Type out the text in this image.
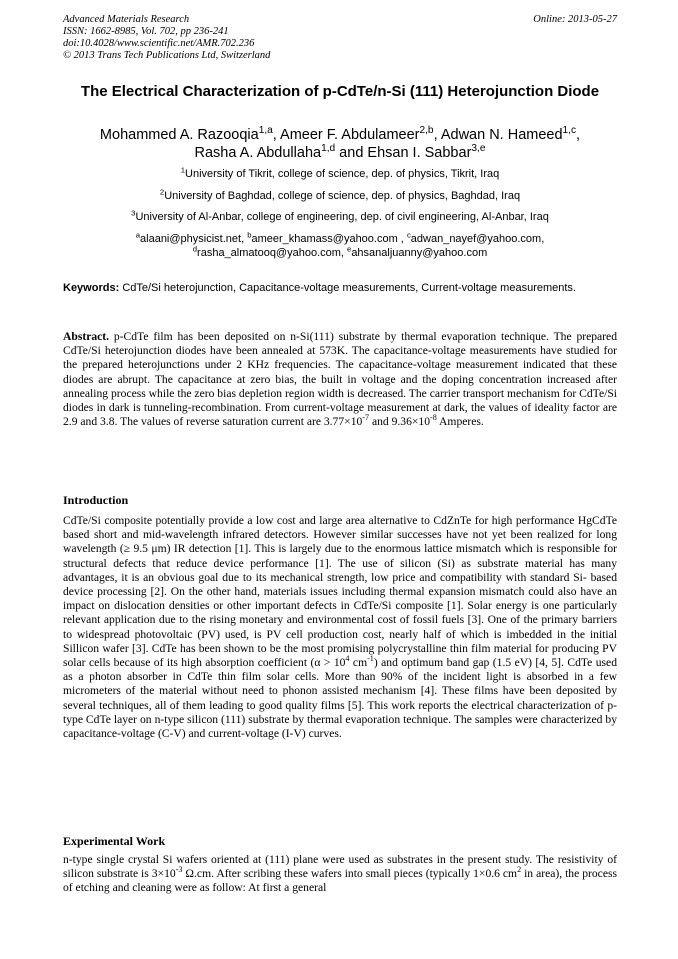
Advanced Materials Research
ISSN: 1662-8985, Vol. 702, pp 236-241
doi:10.4028/www.scientific.net/AMR.702.236
© 2013 Trans Tech Publications Ltd, Switzerland
Online: 2013-05-27
The Electrical Characterization of p-CdTe/n-Si (111) Heterojunction Diode
Mohammed A. Razooqia$^{1,a}$, Ameer F. Abdulameer$^{2,b}$, Adwan N. Hameed$^{1,c}$,
Rasha A. Abdullaha$^{1,d}$ and Ehsan I. Sabbar$^{3,e}$
$^1$University of Tikrit, college of science, dep. of physics, Tikrit, Iraq
$^2$University of Baghdad, college of science, dep. of physics, Baghdad, Iraq
$^3$University of Al-Anbar, college of engineering, dep. of civil engineering, Al-Anbar, Iraq
$^a$alaani@physicist.net, $^b$ameer_khamass@yahoo.com , $^c$adwan_nayef@yahoo.com,
$^d$rasha_almatooq@yahoo.com, $^e$ahsanaljuanny@yahoo.com
Keywords: CdTe/Si heterojunction, Capacitance-voltage measurements, Current-voltage measurements.
Abstract. p-CdTe film has been deposited on n-Si(111) substrate by thermal evaporation technique. The prepared CdTe/Si heterojunction diodes have been annealed at 573K. The capacitance-voltage measurements have studied for the prepared heterojunctions under 2 KHz frequencies. The capacitance-voltage measurement indicated that these diodes are abrupt. The capacitance at zero bias, the built in voltage and the doping concentration increased after annealing process while the zero bias depletion region width is decreased. The carrier transport mechanism for CdTe/Si diodes in dark is tunneling-recombination. From current-voltage measurement at dark, the values of ideality factor are 2.9 and 3.8. The values of reverse saturation current are $3.77\times 10^{-7}$ and $9.36\times 10^{-8}$ Amperes.
Introduction
CdTe/Si composite potentially provide a low cost and large area alternative to CdZnTe for high performance HgCdTe based short and mid-wavelength infrared detectors. However similar successes have not yet been realized for long wavelength (≥ 9.5 μm) IR detection [1]. This is largely due to the enormous lattice mismatch which is responsible for structural defects that reduce device performance [1]. The use of silicon (Si) as substrate material has many advantages, it is an obvious goal due to its mechanical strength, low price and compatibility with standard Si- based device processing [2]. On the other hand, materials issues including thermal expansion mismatch could also have an impact on dislocation densities or other important defects in CdTe/Si composite [1]. Solar energy is one particularly relevant application due to the rising monetary and environmental cost of fossil fuels [3]. One of the primary barriers to widespread photovoltaic (PV) used, is PV cell production cost, nearly half of which is imbedded in the initial Sillicon wafer [3]. CdTe has been shown to be the most promising polycrystalline thin film material for producing PV solar cells because of its high absorption coefficient ($\alpha > 10^4$ $cm^{-1}$) and optimum band gap (1.5 eV) [4, 5]. CdTe used as a photon absorber in CdTe thin film solar cells. More than 90% of the incident light is absorbed in a few micrometers of the material without need to phonon assisted mechanism [4]. These films have been deposited by several techniques, all of them leading to good quality films [5]. This work reports the electrical characterization of p-type CdTe layer on n-type silicon (111) substrate by thermal evaporation technique. The samples were characterized by capacitance-voltage (C-V) and current-voltage (I-V) curves.
Experimental Work
n-type single crystal Si wafers oriented at (111) plane were used as substrates in the present study. The resistivity of silicon substrate is $3\times 10^{-3}$ Ω.cm. After scribing these wafers into small pieces (typically 1×0.6 $cm^2$ in area), the process of etching and cleaning were as follow: At first a general
